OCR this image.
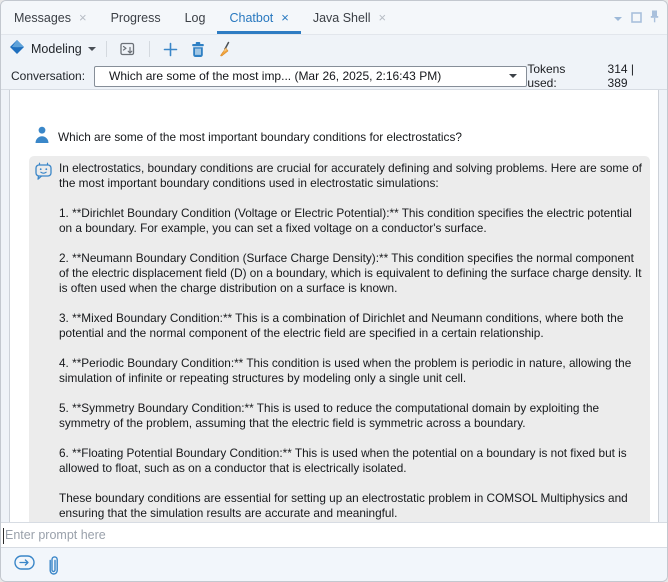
Messages × Progress Log Chatbot × Java Shell ×
Modeling
Conversation: Which are some of the most imp... (Mar 26, 2025, 2:16:43 PM)	Tokens used:
314 | 389
Which are some of the most important boundary conditions for electrostatics?

In electrostatics, boundary conditions are crucial for accurately defining and solving problems. Here are some of the most important boundary conditions used in electrostatic simulations:

1. **Dirichlet Boundary Condition (Voltage or Electric Potential):** This condition specifies the electric potential on a boundary. For example, you can set a fixed voltage on a conductor's surface.

2. **Neumann Boundary Condition (Surface Charge Density):** This condition specifies the normal component of the electric displacement field (D) on a boundary, which is equivalent to defining the surface charge density. It is often used when the charge distribution on a surface is known.

3. **Mixed Boundary Condition:** This is a combination of Dirichlet and Neumann conditions, where both the potential and the normal component of the electric field are specified in a certain relationship.

4. **Periodic Boundary Condition:** This condition is used when the problem is periodic in nature, allowing the simulation of infinite or repeating structures by modeling only a single unit cell.

5. **Symmetry Boundary Condition:** This is used to reduce the computational domain by exploiting the symmetry of the problem, assuming that the electric field is symmetric across a boundary.

6. **Floating Potential Boundary Condition:** This is used when the potential on a boundary is not fixed but is allowed to float, such as on a conductor that is electrically isolated.

These boundary conditions are essential for setting up an electrostatic problem in COMSOL Multiphysics and ensuring that the simulation results are accurate and meaningful.

Enter prompt here
